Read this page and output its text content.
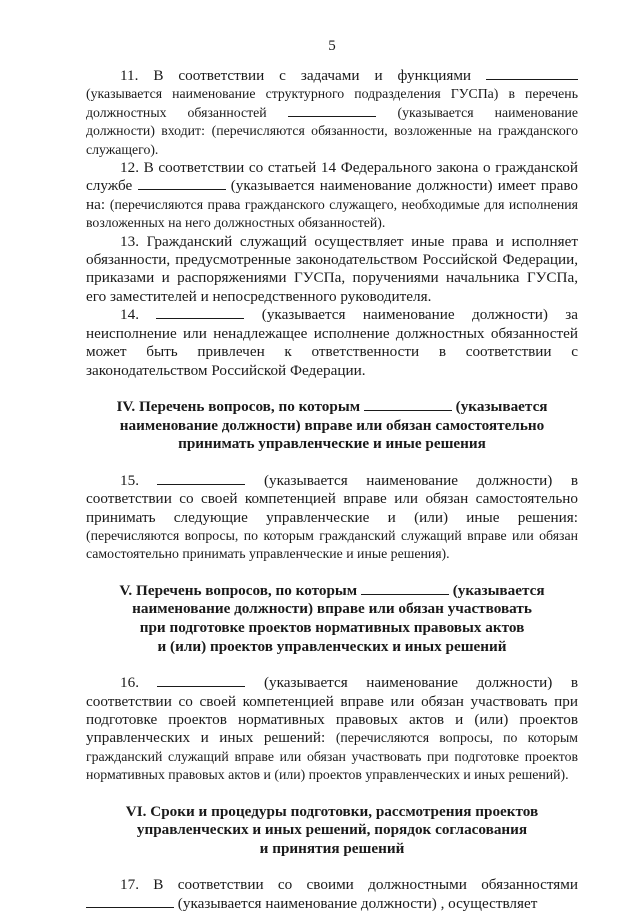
5

11. В соответствии с задачами и функциями  (указывается наименование структурного подразделения ГУСПа) в перечень должностных обязанностей	(указывается наименование должности) входит: (перечисляются обязанности, возложенные на гражданского служащего).

12. В соответствии со статьей 14 Федерального закона о гражданской службе	(указывается наименование должности) имеет право на: (перечисляются права гражданского служащего, необходимые для исполнения возложенных на него должностных обязанностей).

13. Гражданский служащий осуществляет иные права и исполняет обязанности, предусмотренные законодательством Российской Федерации, приказами и распоряжениями ГУСПа, поручениями начальника ГУСПа, его заместителей и непосредственного руководителя.

14.	(указывается наименование должности) за неисполнение или ненадлежащее исполнение должностных обязанностей может быть привлечен к ответственности в соответствии с законодательством Российской Федерации.

IV. Перечень вопросов, по которым	(указывается
наименование должности) вправе или обязан самостоятельно
принимать управленческие и иные решения

15.	(указывается наименование должности) в соответствии со своей компетенцией вправе или обязан самостоятельно принимать следующие управленческие и (или) иные решения: (перечисляются вопросы, по которым гражданский служащий вправе или обязан самостоятельно принимать управленческие и иные решения).

V. Перечень вопросов, по которым	(указывается
наименование должности) вправе или обязан участвовать
при подготовке проектов нормативных правовых актов
и (или) проектов управленческих и иных решений

16.	(указывается наименование должности) в соответствии со своей компетенцией вправе или обязан участвовать при подготовке проектов нормативных правовых актов и (или) проектов управленческих и иных решений: (перечисляются вопросы, по которым гражданский служащий вправе или обязан участвовать при подготовке проектов нормативных правовых актов и (или) проектов управленческих и иных решений).

VI. Сроки и процедуры подготовки, рассмотрения проектов
управленческих и иных решений, порядок согласования
и принятия решений

17. В соответствии со своими должностными обязанностями  (указывается наименование должности) , осуществляет
